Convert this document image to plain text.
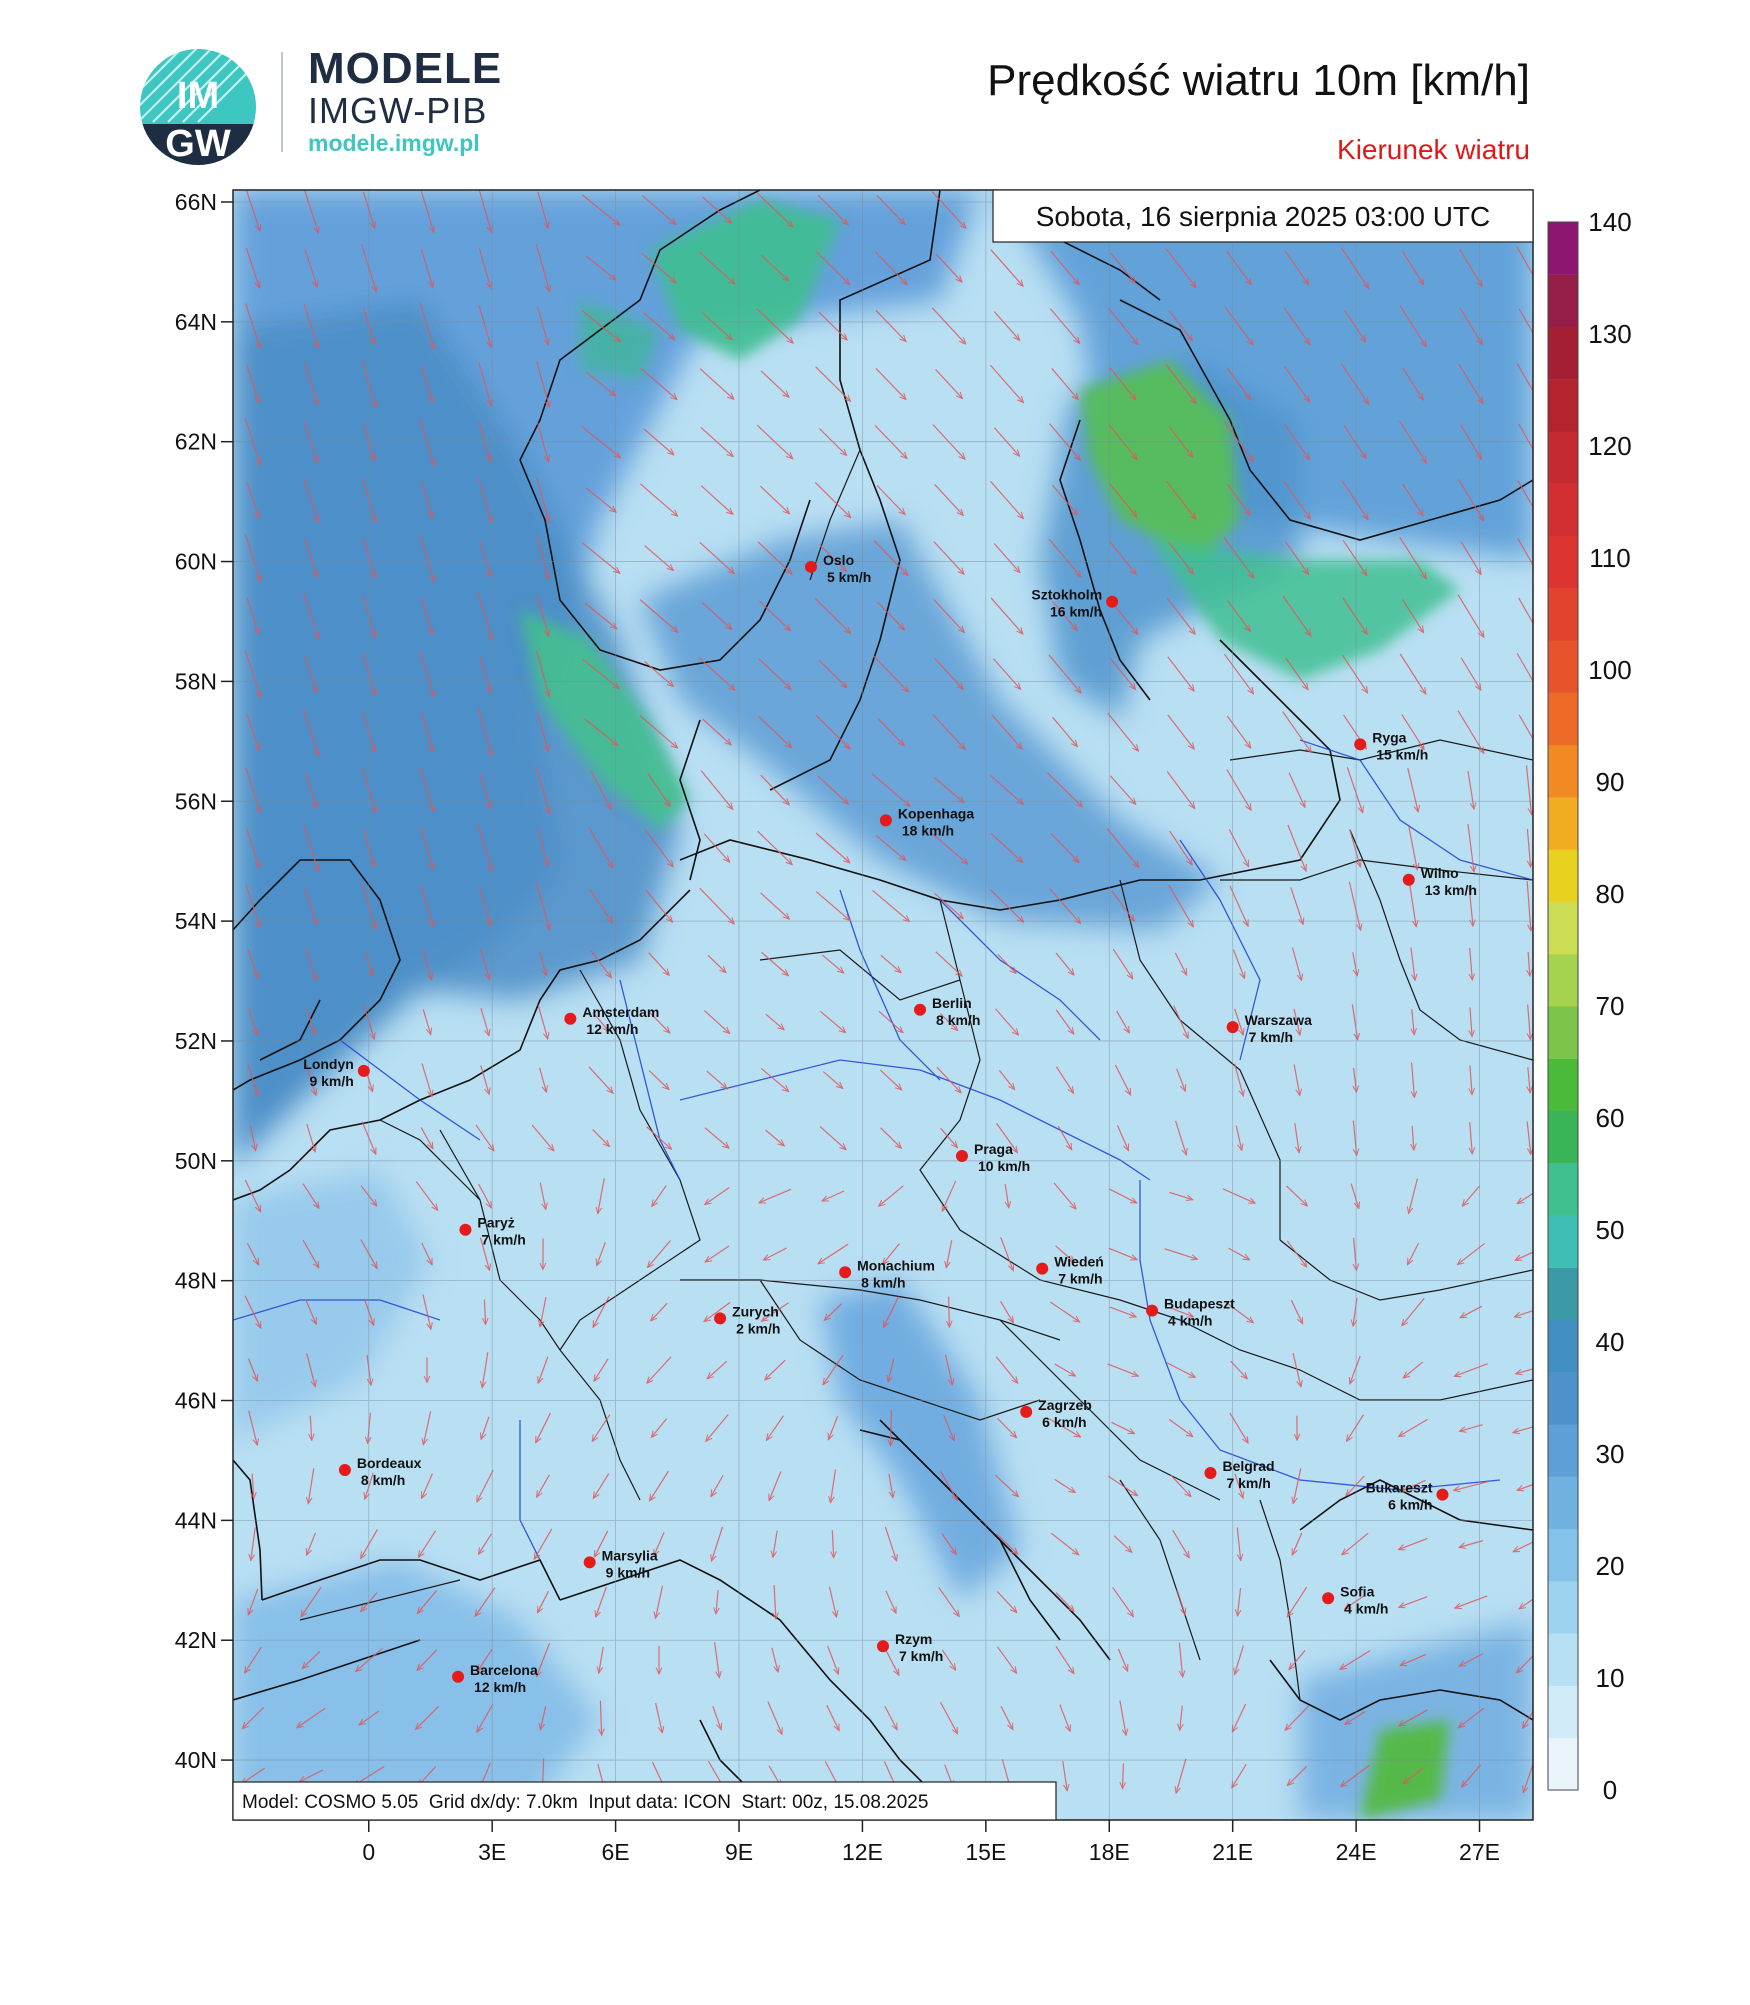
IM
GW
MODELE
IMGW-PIB
modele.imgw.pl
Prędkość wiatru 10m [km/h]
Kierunek wiatru
66N
64N
62N
60N
58N
56N
54N
52N
50N
48N
46N
44N
42N
40N
0	3E	6E	9E	12E	15E	18E	21E	24E	27E
Oslo
5 km/h
Sztokholm
16 km/h
Ryga
15 km/h
Kopenhaga
18 km/h
Wilno
13 km/h
Amsterdam
12 km/h
Berlin
8 km/h	Warszawa
7 km/h
Londyn
9 km/h
Praga
10 km/h
Paryż
7 km/h
Monachium
8 km/h
Wiedeń
7 km/h
Zurych
2 km/h
Budapeszt
4 km/h
Zagrzeb
6 km/h
Bordeaux
8 km/h
Belgrad
7 km/h	Bukareszt
6 km/h
Marsylia
9 km/h
Sofia
4 km/h
Rzym
7 km/h
Barcelona
12 km/h
Sobota, 16 sierpnia 2025 03:00 UTC
Model: COSMO 5.05  Grid dx/dy: 7.0km  Input data: ICON  Start: 00z, 15.08.2025
140
130
120
110
100
90
80
70
60
50
40
30
20
10
0
